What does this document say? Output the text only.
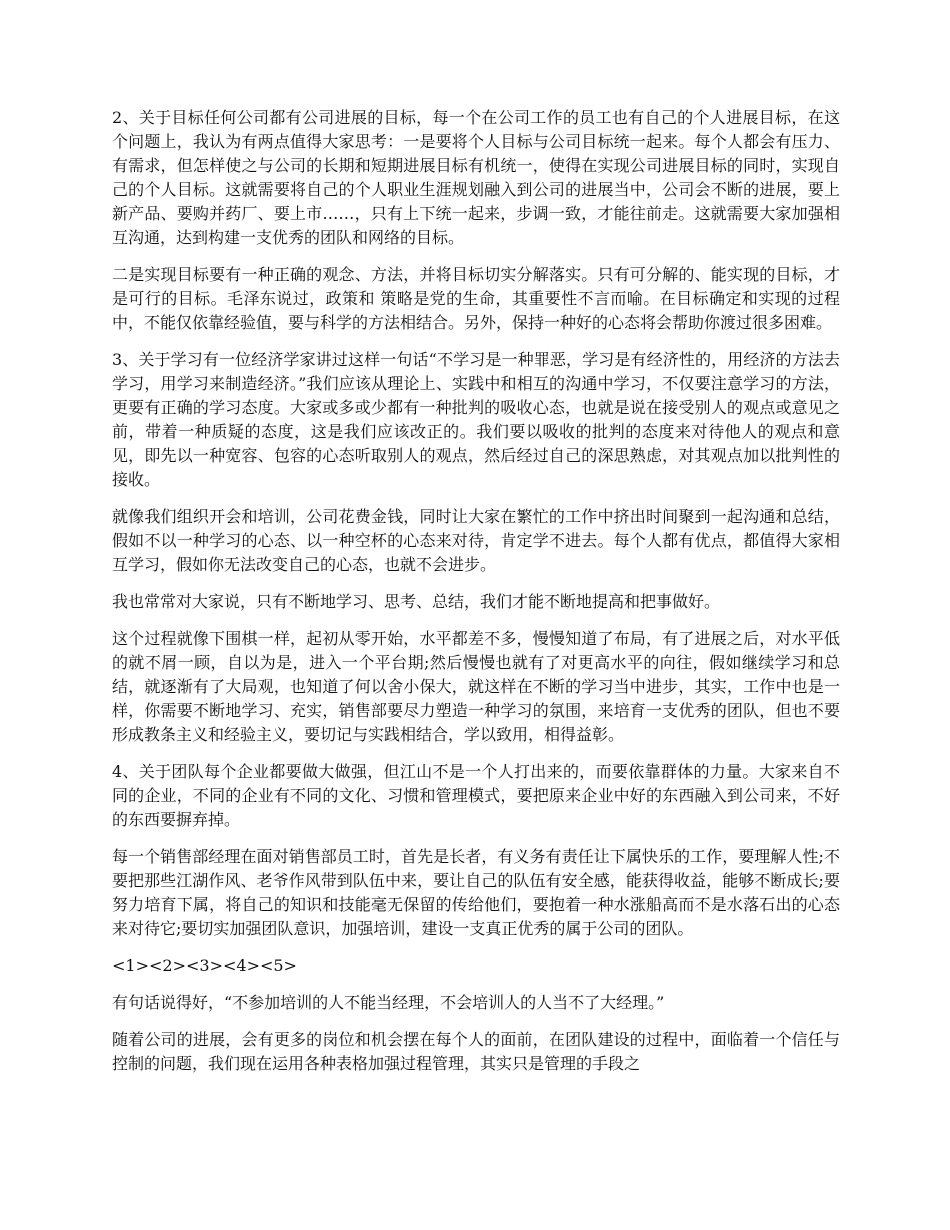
2、关于目标任何公司都有公司进展的目标，每一个在公司工作的员工也有自己的个人进展目标，在这个问题上，我认为有两点值得大家思考：一是要将个人目标与公司目标统一起来。每个人都会有压力、有需求，但怎样使之与公司的长期和短期进展目标有机统一，使得在实现公司进展目标的同时，实现自己的个人目标。这就需要将自己的个人职业生涯规划融入到公司的进展当中，公司会不断的进展，要上新产品、要购并药厂、要上市……，只有上下统一起来，步调一致，才能往前走。这就需要大家加强相互沟通，达到构建一支优秀的团队和网络的目标。

二是实现目标要有一种正确的观念、方法，并将目标切实分解落实。只有可分解的、能实现的目标，才是可行的目标。毛泽东说过，政策和 策略是党的生命，其重要性不言而喻。在目标确定和实现的过程中，不能仅依靠经验值，要与科学的方法相结合。另外，保持一种好的心态将会帮助你渡过很多困难。

3、关于学习有一位经济学家讲过这样一句话“不学习是一种罪恶，学习是有经济性的，用经济的方法去学习，用学习来制造经济。”我们应该从理论上、实践中和相互的沟通中学习，不仅要注意学习的方法，更要有正确的学习态度。大家或多或少都有一种批判的吸收心态，也就是说在接受别人的观点或意见之前，带着一种质疑的态度，这是我们应该改正的。我们要以吸收的批判的态度来对待他人的观点和意见，即先以一种宽容、包容的心态听取别人的观点，然后经过自己的深思熟虑，对其观点加以批判性的接收。

就像我们组织开会和培训，公司花费金钱，同时让大家在繁忙的工作中挤出时间聚到一起沟通和总结，假如不以一种学习的心态、以一种空杯的心态来对待，肯定学不进去。每个人都有优点，都值得大家相互学习，假如你无法改变自己的心态，也就不会进步。

我也常常对大家说，只有不断地学习、思考、总结，我们才能不断地提高和把事做好。

这个过程就像下围棋一样，起初从零开始，水平都差不多，慢慢知道了布局，有了进展之后，对水平低的就不屑一顾，自以为是，进入一个平台期;然后慢慢也就有了对更高水平的向往，假如继续学习和总结，就逐渐有了大局观，也知道了何以舍小保大，就这样在不断的学习当中进步，其实，工作中也是一样，你需要不断地学习、充实，销售部要尽力塑造一种学习的氛围，来培育一支优秀的团队，但也不要形成教条主义和经验主义，要切记与实践相结合，学以致用，相得益彰。

4、关于团队每个企业都要做大做强，但江山不是一个人打出来的，而要依靠群体的力量。大家来自不同的企业，不同的企业有不同的文化、习惯和管理模式，要把原来企业中好的东西融入到公司来，不好的东西要摒弃掉。

每一个销售部经理在面对销售部员工时，首先是长者，有义务有责任让下属快乐的工作，要理解人性;不要把那些江湖作风、老爷作风带到队伍中来，要让自己的队伍有安全感，能获得收益，能够不断成长;要努力培育下属，将自己的知识和技能毫无保留的传给他们，要抱着一种水涨船高而不是水落石出的心态来对待它;要切实加强团队意识，加强培训，建设一支真正优秀的属于公司的团队。

<1><2><3><4><5>

有句话说得好，“不参加培训的人不能当经理，不会培训人的人当不了大经理。”

随着公司的进展，会有更多的岗位和机会摆在每个人的面前，在团队建设的过程中，面临着一个信任与控制的问题，我们现在运用各种表格加强过程管理，其实只是管理的手段之
